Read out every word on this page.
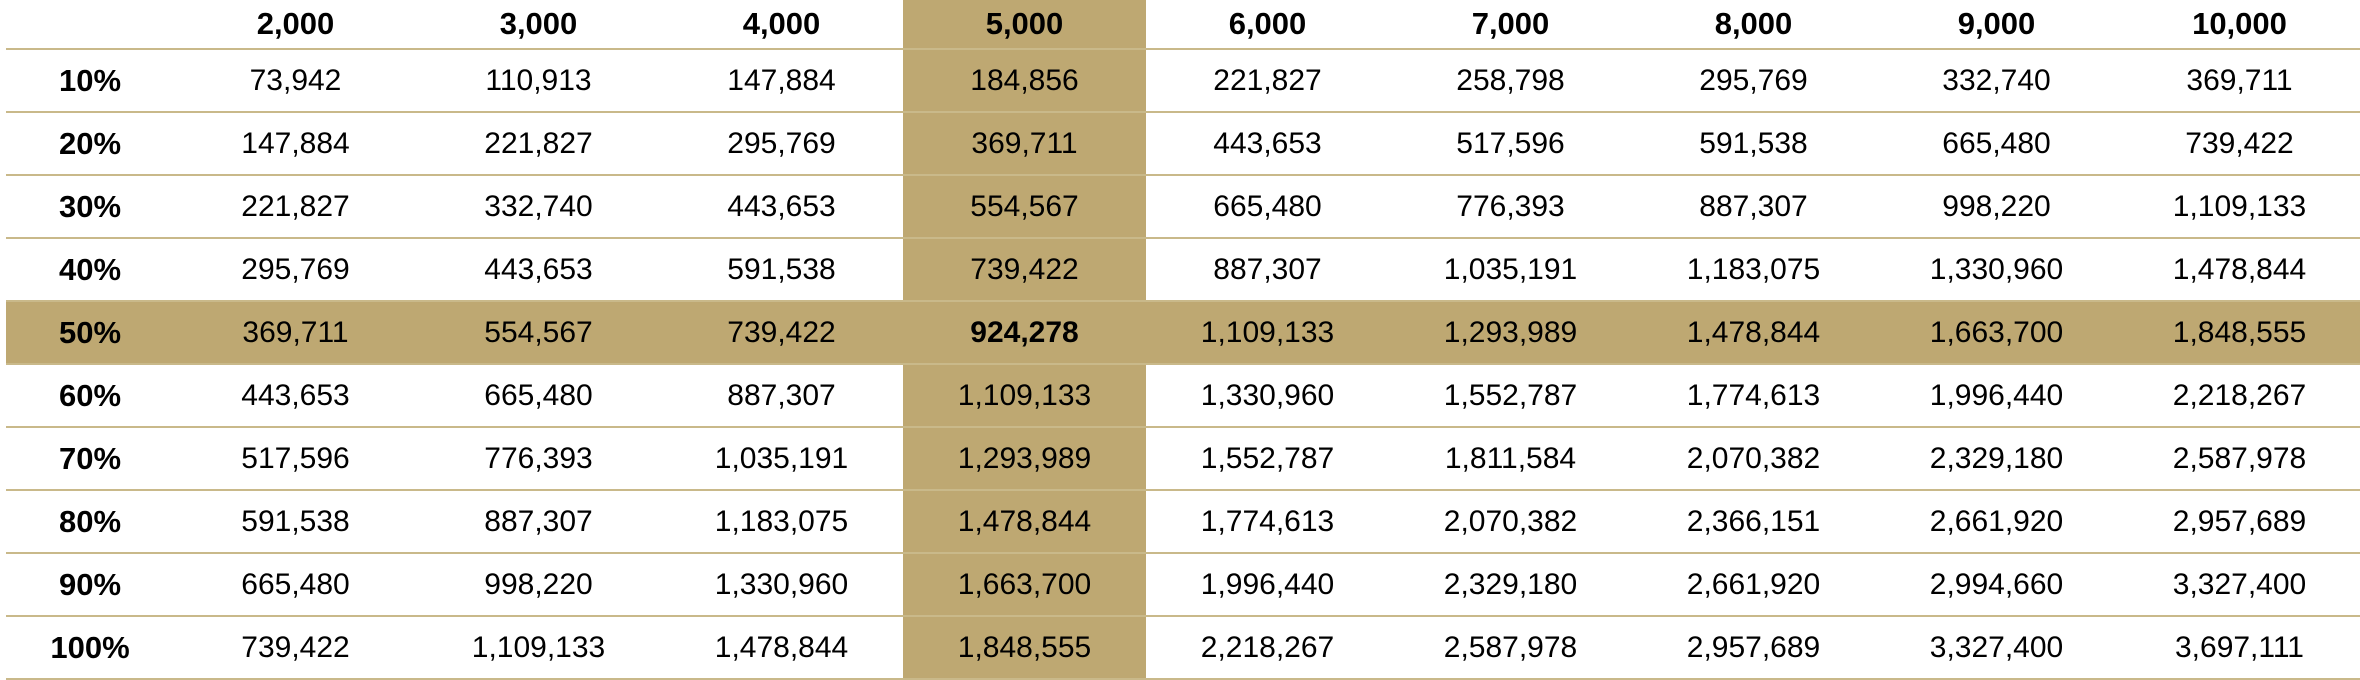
	2,000	3,000	4,000	5,000	6,000	7,000	8,000	9,000	10,000
10%	73,942	110,913	147,884	184,856	221,827	258,798	295,769	332,740	369,711
20%	147,884	221,827	295,769	369,711	443,653	517,596	591,538	665,480	739,422
30%	221,827	332,740	443,653	554,567	665,480	776,393	887,307	998,220	1,109,133
40%	295,769	443,653	591,538	739,422	887,307	1,035,191	1,183,075	1,330,960	1,478,844
50%	369,711	554,567	739,422	924,278	1,109,133	1,293,989	1,478,844	1,663,700	1,848,555
60%	443,653	665,480	887,307	1,109,133	1,330,960	1,552,787	1,774,613	1,996,440	2,218,267
70%	517,596	776,393	1,035,191	1,293,989	1,552,787	1,811,584	2,070,382	2,329,180	2,587,978
80%	591,538	887,307	1,183,075	1,478,844	1,774,613	2,070,382	2,366,151	2,661,920	2,957,689
90%	665,480	998,220	1,330,960	1,663,700	1,996,440	2,329,180	2,661,920	2,994,660	3,327,400
100%	739,422	1,109,133	1,478,844	1,848,555	2,218,267	2,587,978	2,957,689	3,327,400	3,697,111
